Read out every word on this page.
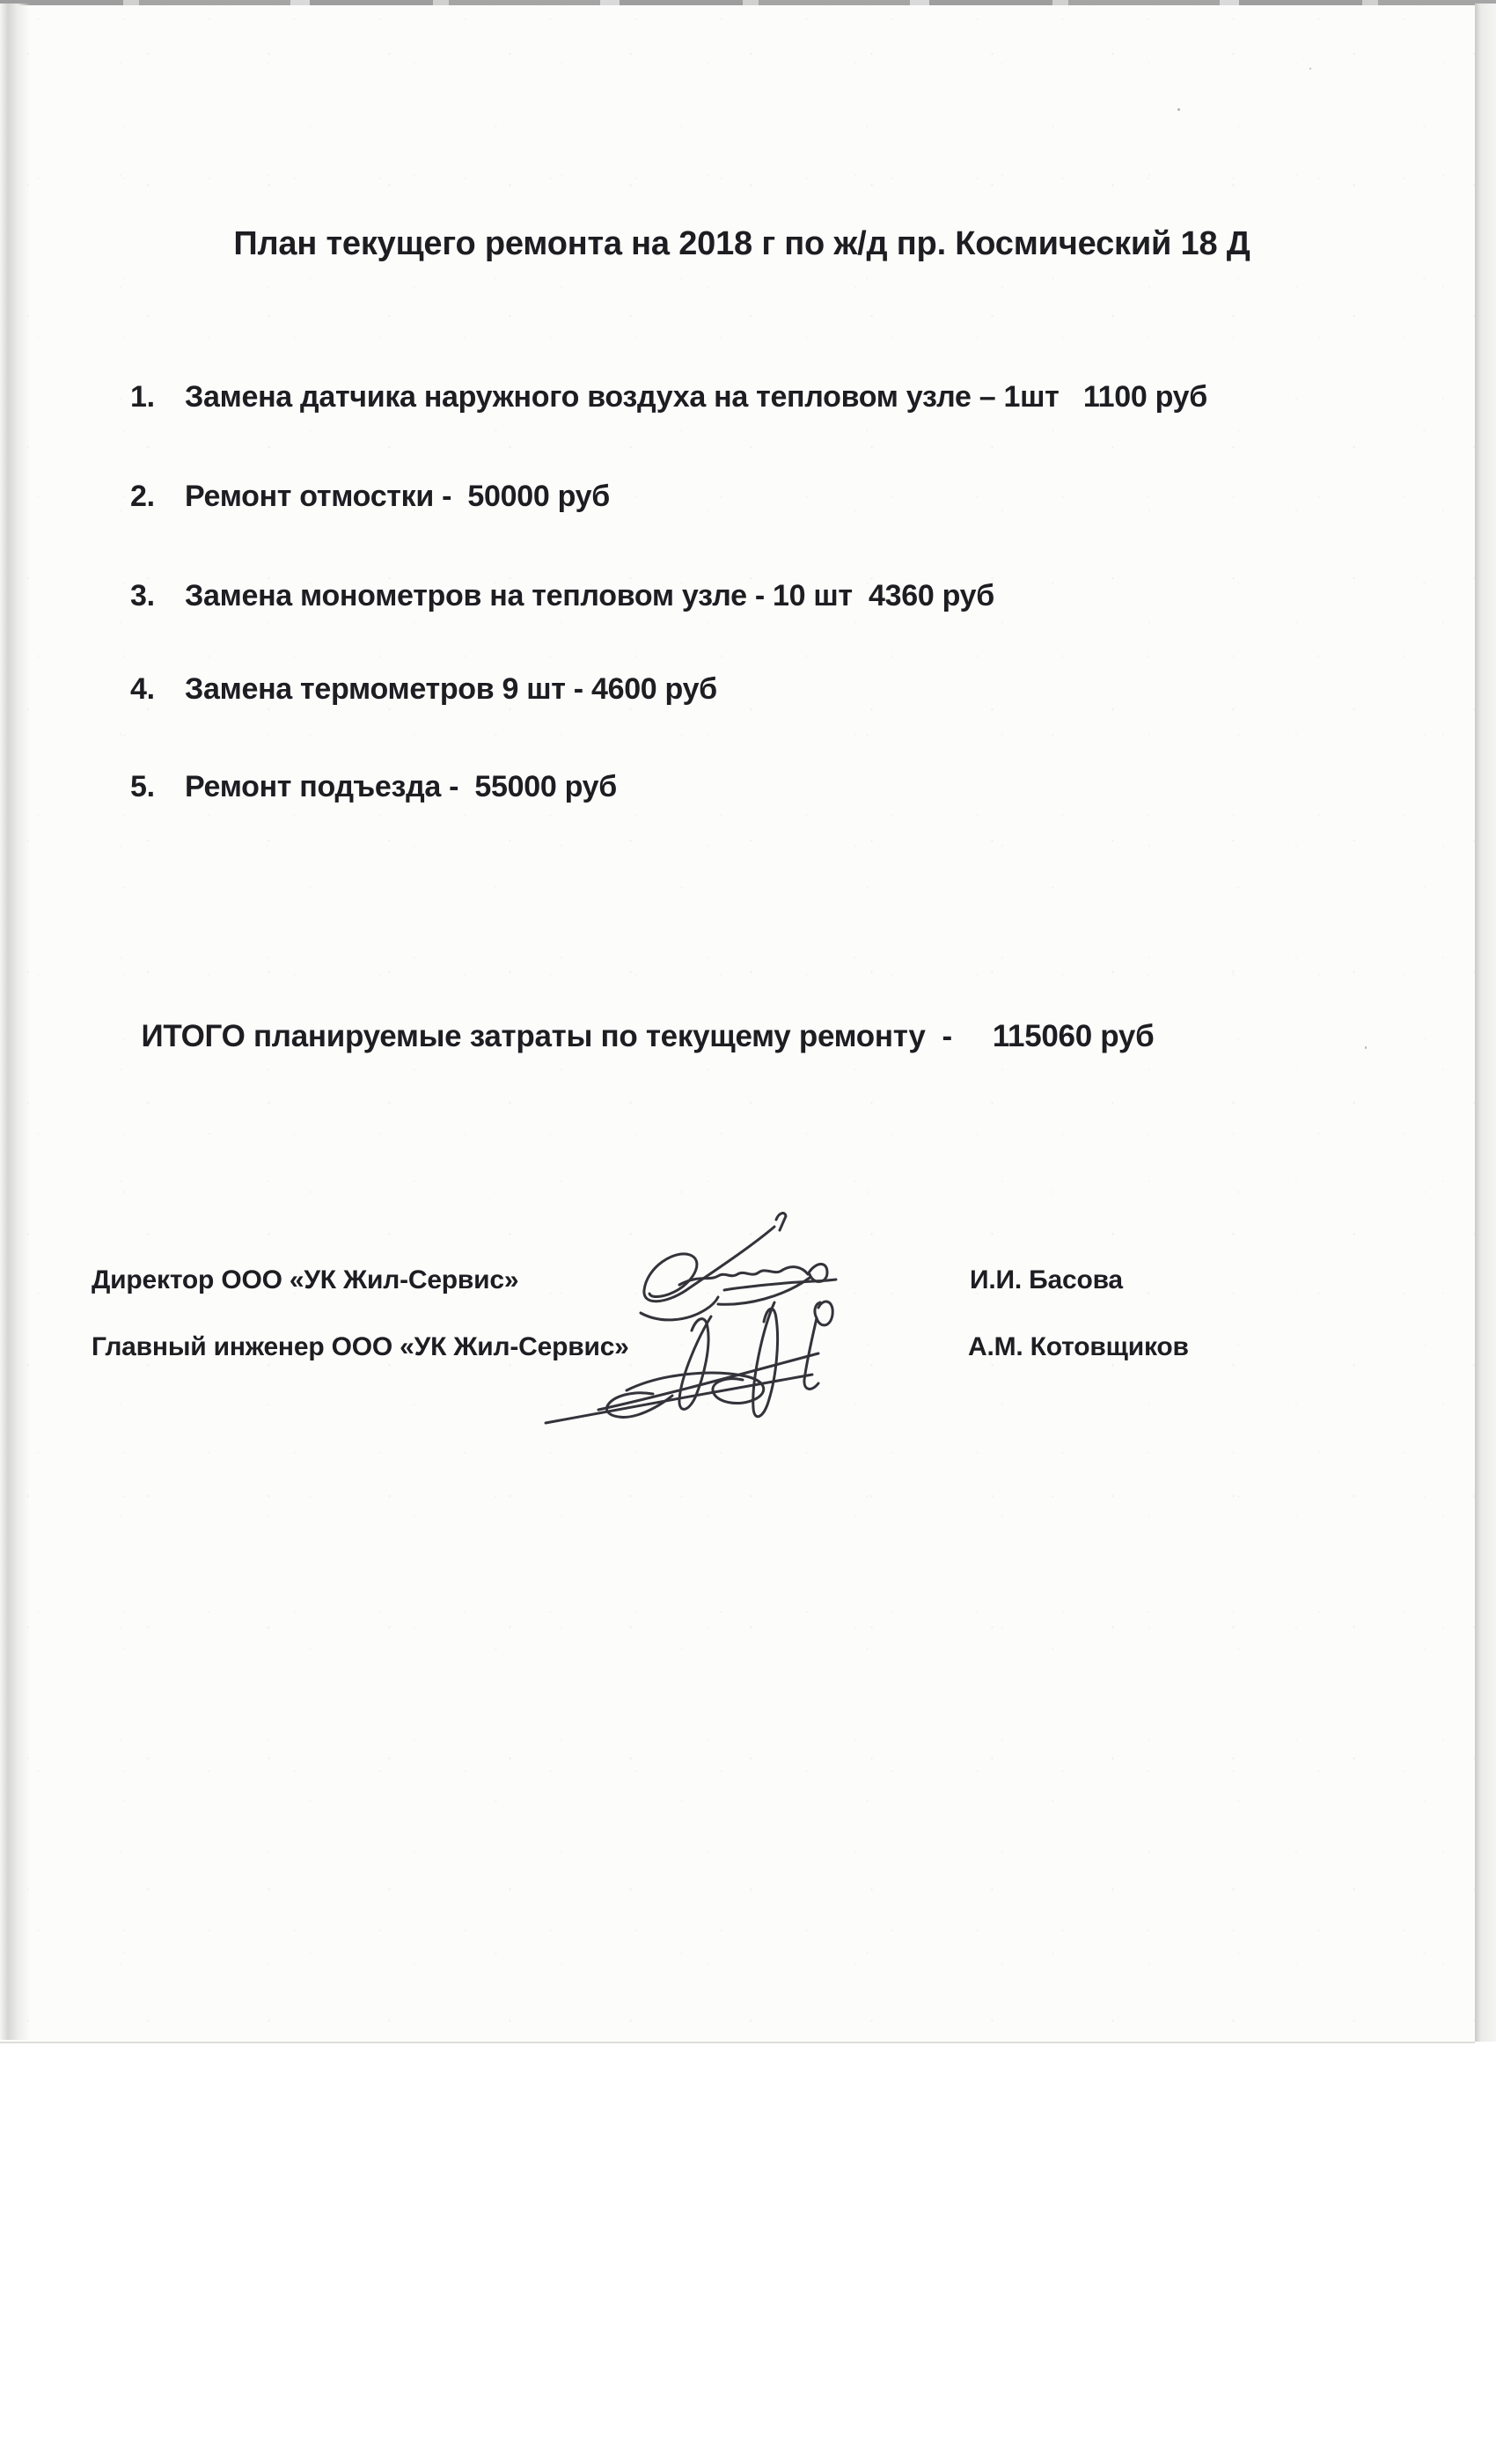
План текущего ремонта на 2018 г по ж/д пр. Космический 18 Д
1.	Замена датчика наружного воздуха на тепловом узле – 1шт   1100 руб
2.	Ремонт отмостки -  50000 руб
3.	Замена монометров на тепловом узле - 10 шт  4360 руб
4.	Замена термометров 9 шт - 4600 руб
5.	Ремонт подъезда -  55000 руб

ИТОГО планируемые затраты по текущему ремонту  - 115060 руб

Директор ООО «УК Жил-Сервис»	И.И. Басова
Главный инженер ООО «УК Жил-Сервис»	А.М. Котовщиков
